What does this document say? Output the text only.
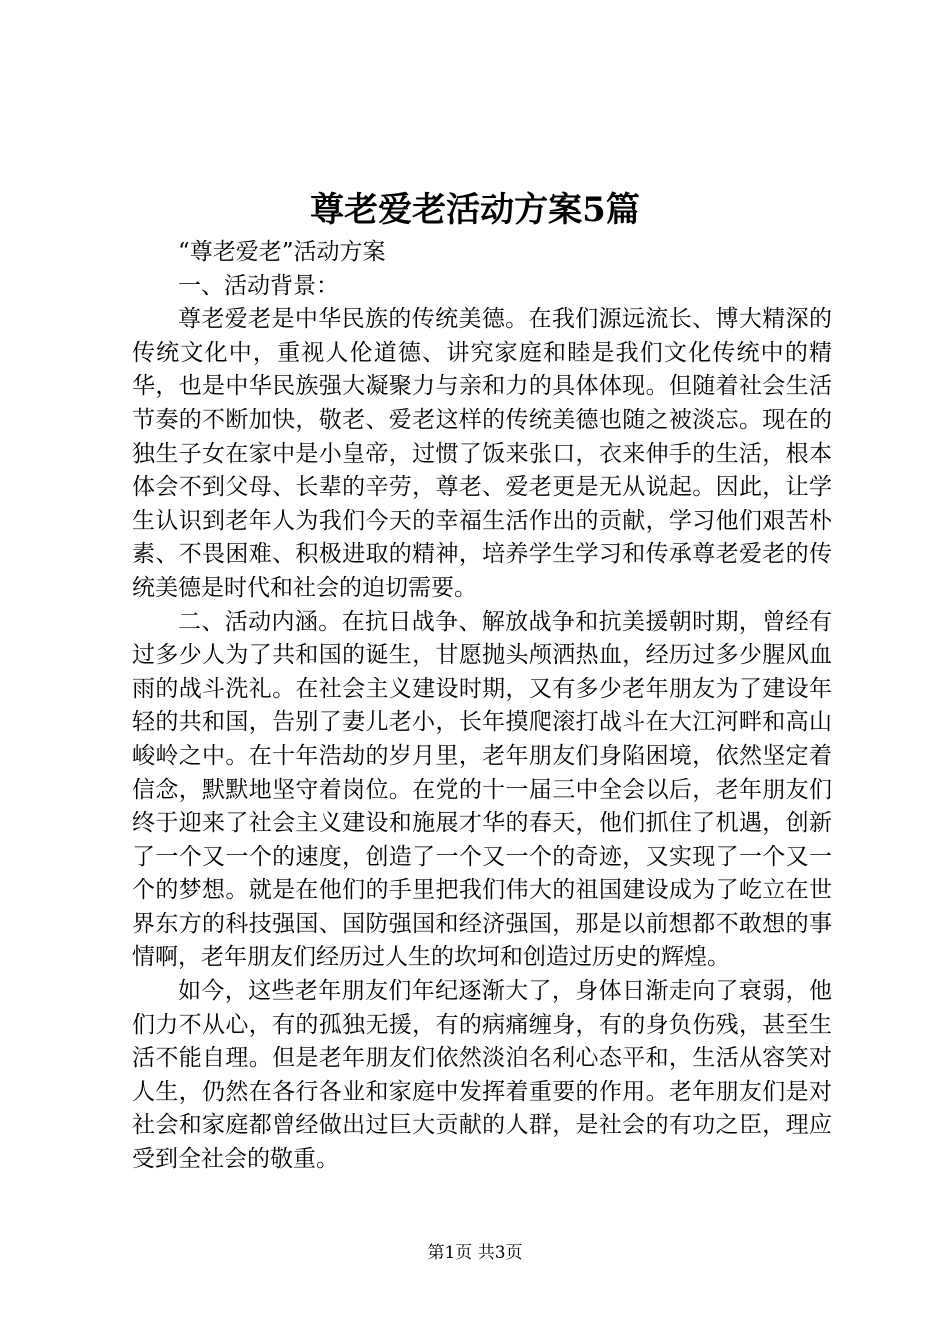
尊老爱老活动方案5篇

“尊老爱老”活动方案

一、活动背景：

尊老爱老是中华民族的传统美德。在我们源远流长、博大精深的传统文化中，重视人伦道德、讲究家庭和睦是我们文化传统中的精华，也是中华民族强大凝聚力与亲和力的具体体现。但随着社会生活节奏的不断加快，敬老、爱老这样的传统美德也随之被淡忘。现在的独生子女在家中是小皇帝，过惯了饭来张口，衣来伸手的生活，根本体会不到父母、长辈的辛劳，尊老、爱老更是无从说起。因此，让学生认识到老年人为我们今天的幸福生活作出的贡献，学习他们艰苦朴素、不畏困难、积极进取的精神，培养学生学习和传承尊老爱老的传统美德是时代和社会的迫切需要。

二、活动内涵。在抗日战争、解放战争和抗美援朝时期，曾经有过多少人为了共和国的诞生，甘愿抛头颅洒热血，经历过多少腥风血雨的战斗洗礼。在社会主义建设时期，又有多少老年朋友为了建设年轻的共和国，告别了妻儿老小，长年摸爬滚打战斗在大江河畔和高山峻岭之中。在十年浩劫的岁月里，老年朋友们身陷困境，依然坚定着信念，默默地坚守着岗位。在党的十一届三中全会以后，老年朋友们终于迎来了社会主义建设和施展才华的春天，他们抓住了机遇，创新了一个又一个的速度，创造了一个又一个的奇迹，又实现了一个又一个的梦想。就是在他们的手里把我们伟大的祖国建设成为了屹立在世界东方的科技强国、国防强国和经济强国，那是以前想都不敢想的事情啊，老年朋友们经历过人生的坎坷和创造过历史的辉煌。

如今，这些老年朋友们年纪逐渐大了，身体日渐走向了衰弱，他们力不从心，有的孤独无援，有的病痛缠身，有的身负伤残，甚至生活不能自理。但是老年朋友们依然淡泊名利心态平和，生活从容笑对人生，仍然在各行各业和家庭中发挥着重要的作用。老年朋友们是对社会和家庭都曾经做出过巨大贡献的人群，是社会的有功之臣，理应受到全社会的敬重。

第1页 共3页
